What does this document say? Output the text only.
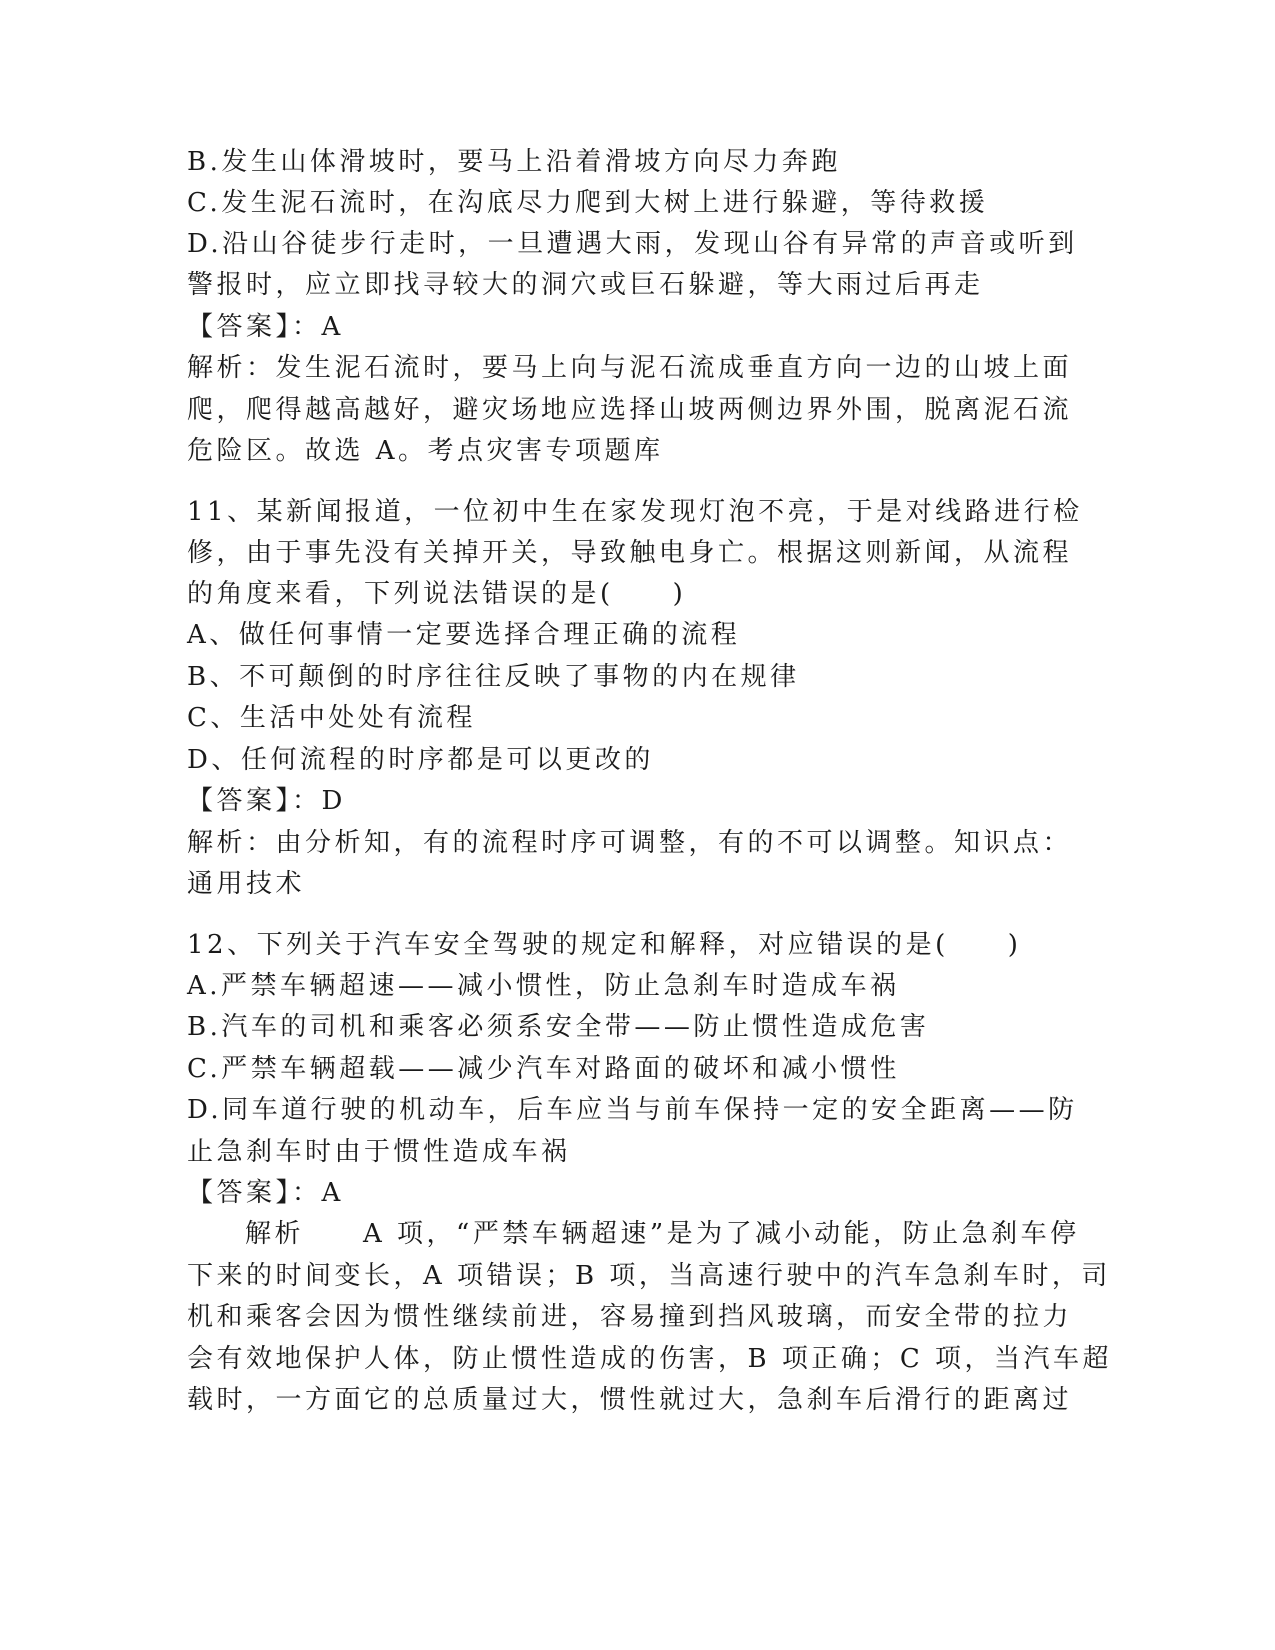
B.发生山体滑坡时，要马上沿着滑坡方向尽力奔跑
C.发生泥石流时，在沟底尽力爬到大树上进行躲避，等待救援
D.沿山谷徒步行走时，一旦遭遇大雨，发现山谷有异常的声音或听到
警报时，应立即找寻较大的洞穴或巨石躲避，等大雨过后再走
【答案】：A
解析：发生泥石流时，要马上向与泥石流成垂直方向一边的山坡上面
爬，爬得越高越好，避灾场地应选择山坡两侧边界外围，脱离泥石流
危险区。故选 A。考点灾害专项题库
11、某新闻报道，一位初中生在家发现灯泡不亮，于是对线路进行检
修，由于事先没有关掉开关，导致触电身亡。根据这则新闻，从流程
的角度来看，下列说法错误的是(　　)
A、做任何事情一定要选择合理正确的流程
B、不可颠倒的时序往往反映了事物的内在规律
C、生活中处处有流程
D、任何流程的时序都是可以更改的
【答案】：D
解析：由分析知，有的流程时序可调整，有的不可以调整。知识点：
通用技术
12、下列关于汽车安全驾驶的规定和解释，对应错误的是(　　)
A.严禁车辆超速——减小惯性，防止急刹车时造成车祸
B.汽车的司机和乘客必须系安全带——防止惯性造成危害
C.严禁车辆超载——减少汽车对路面的破坏和减小惯性
D.同车道行驶的机动车，后车应当与前车保持一定的安全距离——防
止急刹车时由于惯性造成车祸
【答案】：A
解析　　A 项，“严禁车辆超速”是为了减小动能，防止急刹车停
下来的时间变长，A 项错误；B 项，当高速行驶中的汽车急刹车时，司
机和乘客会因为惯性继续前进，容易撞到挡风玻璃，而安全带的拉力
会有效地保护人体，防止惯性造成的伤害，B 项正确；C 项，当汽车超
载时，一方面它的总质量过大，惯性就过大，急刹车后滑行的距离过
